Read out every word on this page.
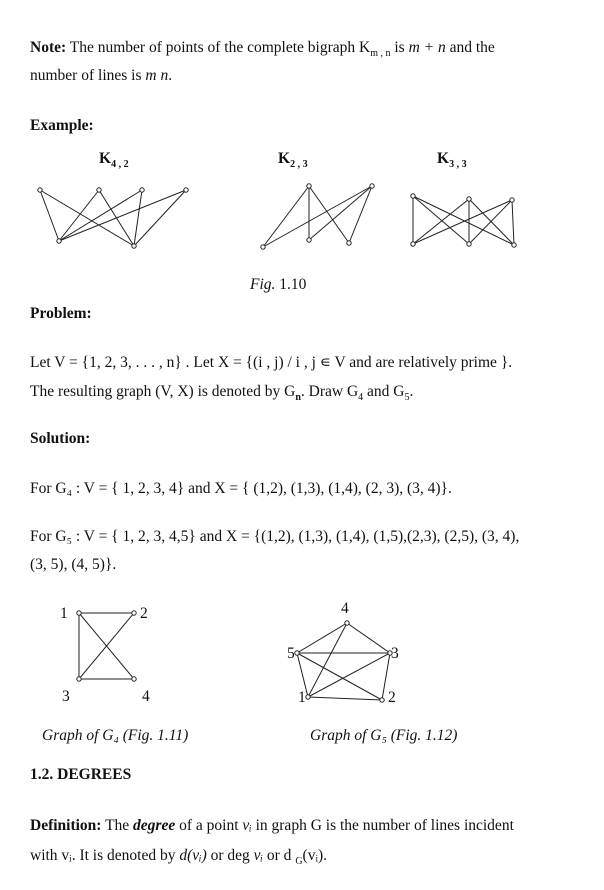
Note: The number of points of the complete bigraph $K_{m , n}$ is m + n and the
number of lines is m n.
Example:
$K_{4 , 2}$	$K_{2 , 3}$	$K_{3 , 3}$
Fig. 1.10
Problem:
Let V = {1, 2, 3, . . . , n} . Let X = {(i , j) / i , j ∊ V and are relatively prime }.
The resulting graph (V, X) is denoted by $G_n$. Draw $G_4$ and $G_5$.
Solution:
For G₄ : V = { 1, 2, 3, 4} and X = { (1,2), (1,3), (1,4), (2, 3), (3, 4)}.
For G₅ : V = { 1, 2, 3, 4,5} and X = {(1,2), (1,3), (1,4), (1,5),(2,3), (2,5), (3, 4),
(3, 5), (4, 5)}.
1	2
3	4
Graph of G₄ (Fig. 1.11)
1	2
3
4
5
Graph of G₅ (Fig. 1.12)
1.2. DEGREES
Definition: The degree of a point vᵢ in graph G is the number of lines incident
with vᵢ. It is denoted by d(vᵢ) or deg vᵢ or d $_G$(vᵢ).
